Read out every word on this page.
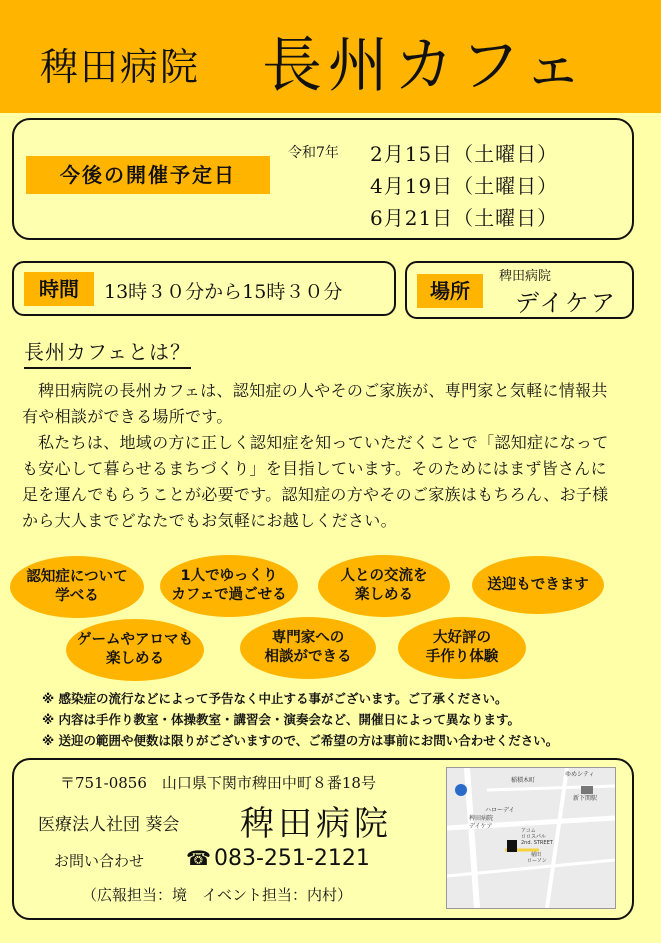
稗田病院 長州カフェ
今後の開催予定日
令和7年 2月15日（土曜日）
4月19日（土曜日）
6月21日（土曜日）
時間	13時３０分から15時３０分	場所
稗田病院
デイケア
長州カフェとは？
稗田病院の長州カフェは、認知症の人やそのご家族が、専門家と気軽に情報共有や相談ができる場所です。
私たちは、地域の方に正しく認知症を知っていただくことで「認知症になっても安心して暮らせるまちづくり」を目指しています。そのためにはまず皆さんに足を運んでもらうことが必要です。認知症の方やそのご家族はもちろん、お子様から大人までどなたでもお気軽にお越しください。
認知症について
学べる
1人でゆっくり
カフェで過ごせる
人との交流を
楽しめる
送迎もできます
ゲームやアロマも
楽しめる
専門家への
相談ができる
大好評の
手作り体験
※ 感染症の流行などによって予告なく中止する事がございます。ご了承ください。
※ 内容は手作り教室・体操教室・講習会・演奏会など、開催日によって異なります。
※ 送迎の範囲や便数は限りがございますので、ご希望の方は事前にお問い合わせください。
〒751-0856　山口県下関市稗田中町８番18号
医療法人社団 葵会 稗田病院
お問い合わせ ☎ 083-251-2121
（広報担当：境　イベント担当：内村）
稗田病院
デイケア
ゆめシティ
新下関駅
稲積木町
ハローデイ
アコム
ロロスパル
2nd. STREET
ローソン
稲田
